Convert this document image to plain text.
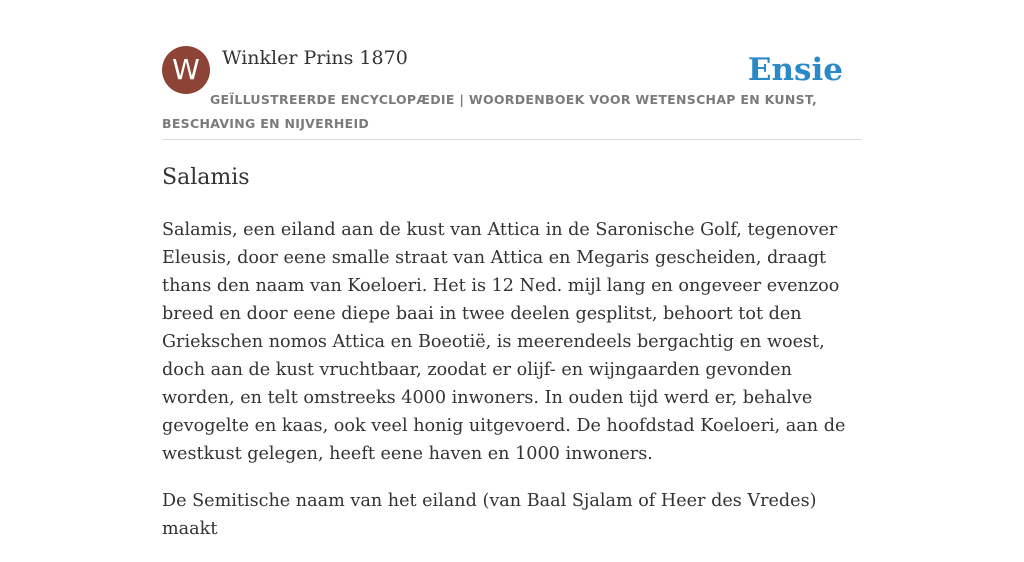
W	Winkler Prins 1870	Ensie
GEÏLLUSTREERDE ENCYCLOPÆDIE | WOORDENBOEK VOOR WETENSCHAP EN KUNST, BESCHAVING EN NIJVERHEID
Salamis

Salamis, een eiland aan de kust van Attica in de Saronische Golf, tegenover Eleusis, door eene smalle straat van Attica en Megaris gescheiden, draagt thans den naam van Koeloeri. Het is 12 Ned. mijl lang en ongeveer evenzoo breed en door eene diepe baai in twee deelen gesplitst, behoort tot den Griekschen nomos Attica en Boeotië, is meerendeels bergachtig en woest, doch aan de kust vruchtbaar, zoodat er olijf- en wijngaarden gevonden worden, en telt omstreeks 4000 inwoners. In ouden tijd werd er, behalve gevogelte en kaas, ook veel honig uitgevoerd. De hoofdstad Koeloeri, aan de westkust gelegen, heeft eene haven en 1000 inwoners.

De Semitische naam van het eiland (van Baal Sjalam of Heer des Vredes) maakt
